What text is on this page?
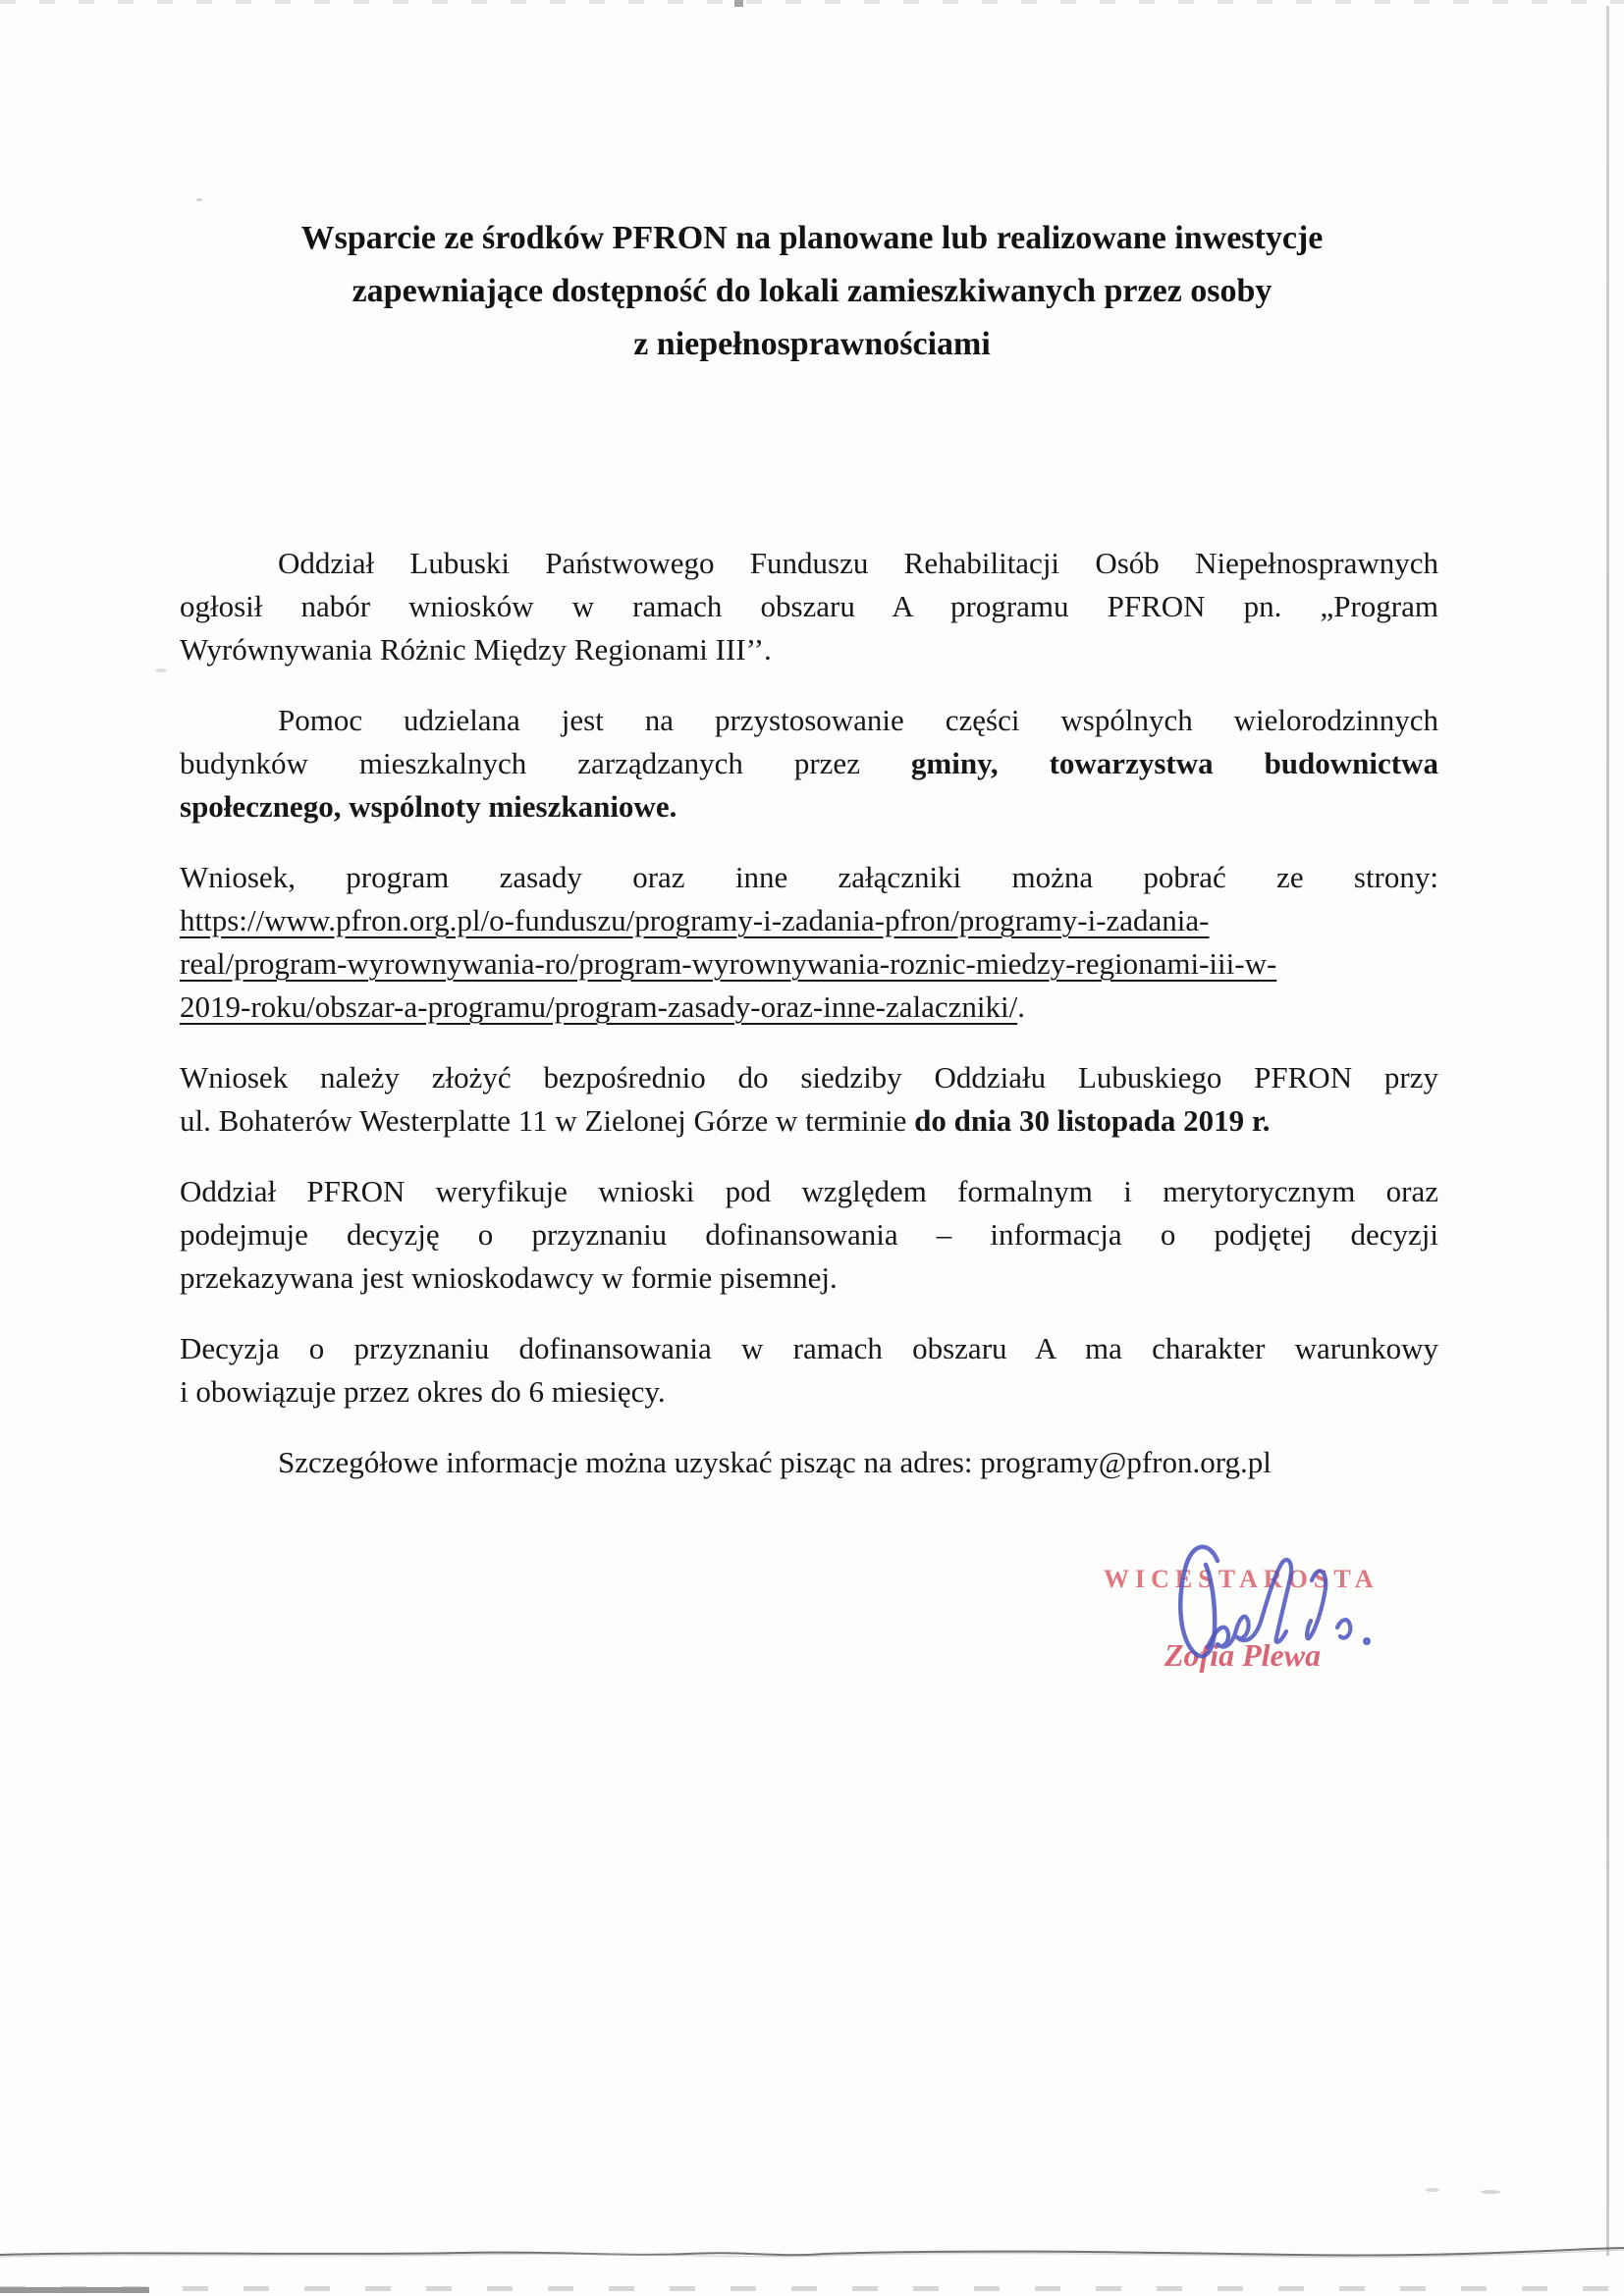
Wsparcie ze środków PFRON na planowane lub realizowane inwestycje
zapewniające dostępność do lokali zamieszkiwanych przez osoby
z niepełnosprawnościami
Oddział Lubuski Państwowego Funduszu Rehabilitacji Osób Niepełnosprawnych
ogłosił nabór wniosków w ramach obszaru A programu PFRON pn. „Program
Wyrównywania Różnic Między Regionami III’’.
Pomoc udzielana jest na przystosowanie części wspólnych wielorodzinnych
budynków mieszkalnych zarządzanych przez gminy, towarzystwa budownictwa
społecznego, wspólnoty mieszkaniowe.
Wniosek, program zasady oraz inne załączniki można pobrać ze strony:
https://www.pfron.org.pl/o-funduszu/programy-i-zadania-pfron/programy-i-zadania-
real/program-wyrownywania-ro/program-wyrownywania-roznic-miedzy-regionami-iii-w-
2019-roku/obszar-a-programu/program-zasady-oraz-inne-zalaczniki/.
Wniosek należy złożyć bezpośrednio do siedziby Oddziału Lubuskiego PFRON przy
ul. Bohaterów Westerplatte 11 w Zielonej Górze w terminie do dnia 30 listopada 2019 r.
Oddział PFRON weryfikuje wnioski pod względem formalnym i merytorycznym oraz
podejmuje decyzję o przyznaniu dofinansowania – informacja o podjętej decyzji
przekazywana jest wnioskodawcy w formie pisemnej.
Decyzja o przyznaniu dofinansowania w ramach obszaru A ma charakter warunkowy
i obowiązuje przez okres do 6 miesięcy.
Szczegółowe informacje można uzyskać pisząc na adres: programy@pfron.org.pl
WICESTAROSTA
Zofia Plewa
